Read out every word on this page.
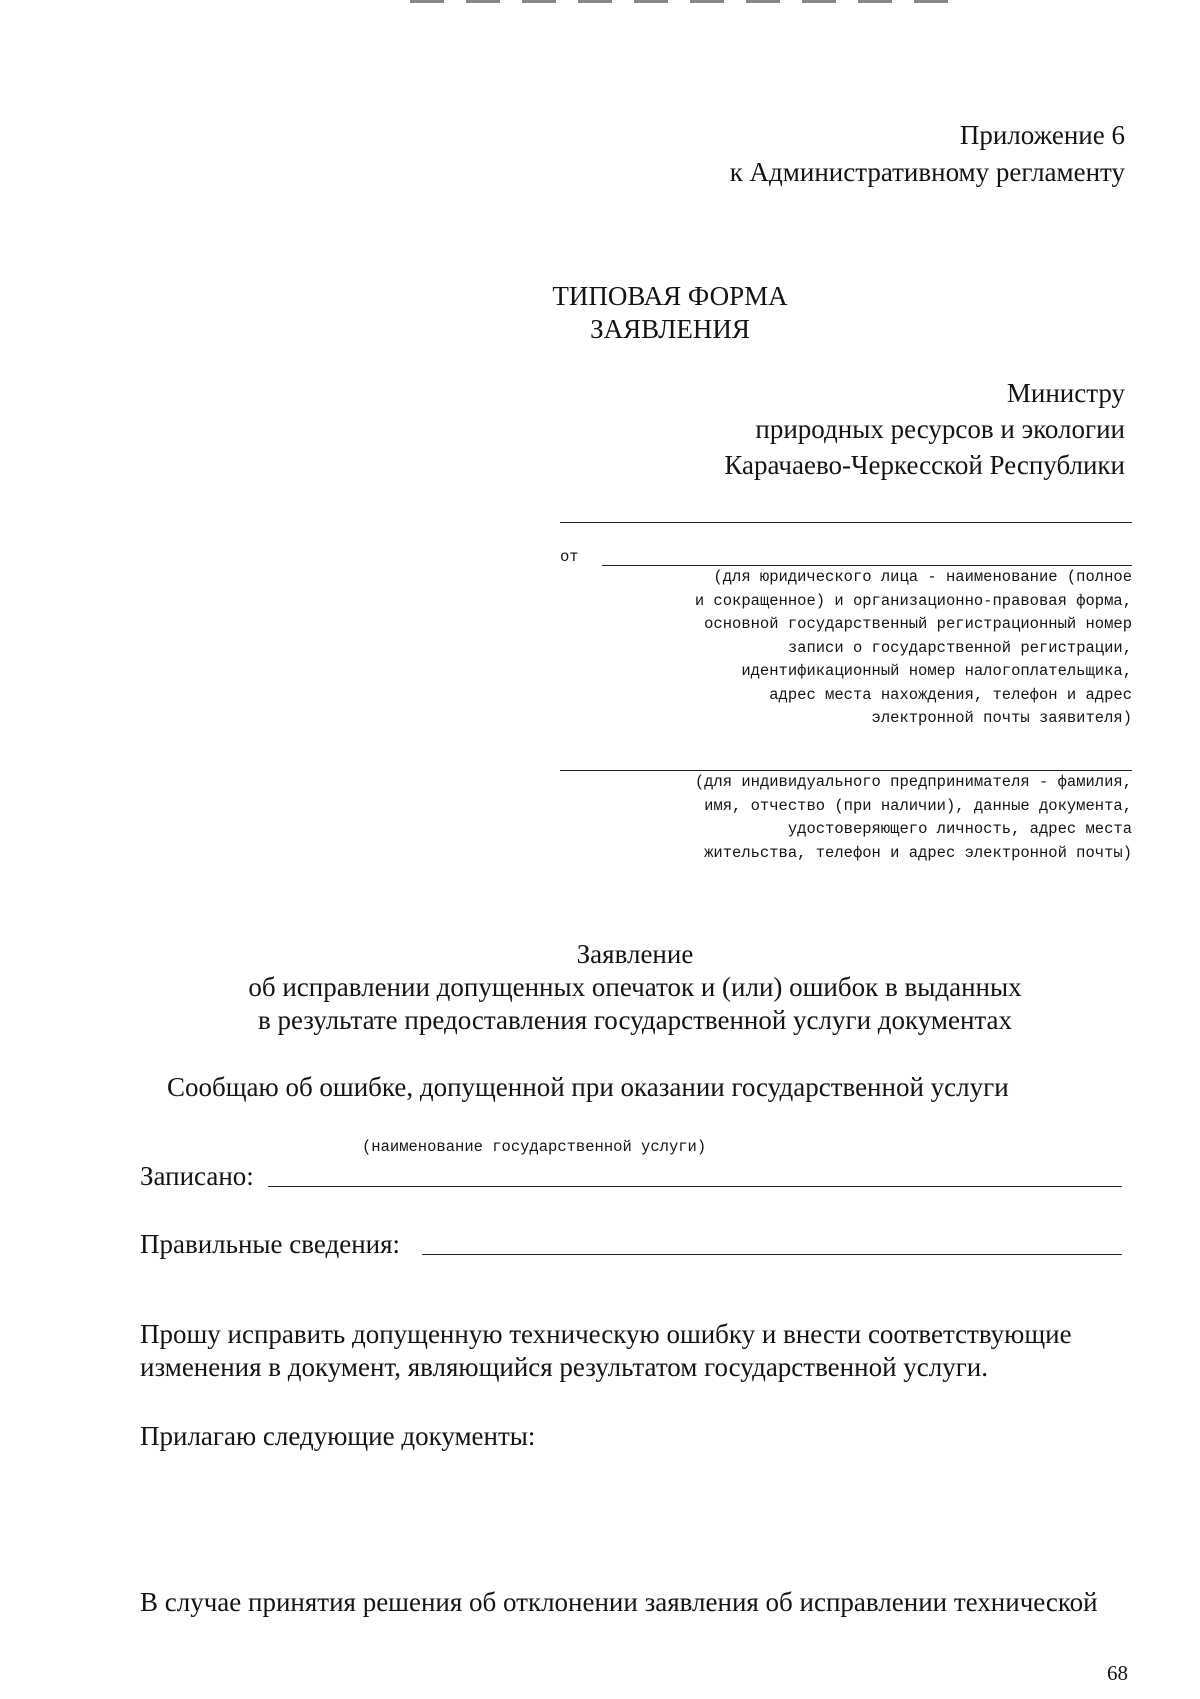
Приложение 6
к Административному регламенту
ТИПОВАЯ ФОРМА
ЗАЯВЛЕНИЯ
Министру
природных ресурсов и экологии
Карачаево-Черкесской Республики
от
(для юридического лица - наименование (полное
и сокращенное) и организационно-правовая форма,
основной государственный регистрационный номер
записи о государственной регистрации,
идентификационный номер налогоплательщика,
адрес места нахождения, телефон и адрес
электронной почты заявителя)
(для индивидуального предпринимателя - фамилия,
имя, отчество (при наличии), данные документа,
удостоверяющего личность, адрес места
жительства, телефон и адрес электронной почты)
Заявление
об исправлении допущенных опечаток и (или) ошибок в выданных
в результате предоставления государственной услуги документах
Сообщаю об ошибке, допущенной при оказании государственной услуги
(наименование государственной услуги)
Записано:
Правильные сведения:
Прошу исправить допущенную техническую ошибку и внести соответствующие
изменения в документ, являющийся результатом государственной услуги.
Прилагаю следующие документы:
В случае принятия решения об отклонении заявления об исправлении технической
68
